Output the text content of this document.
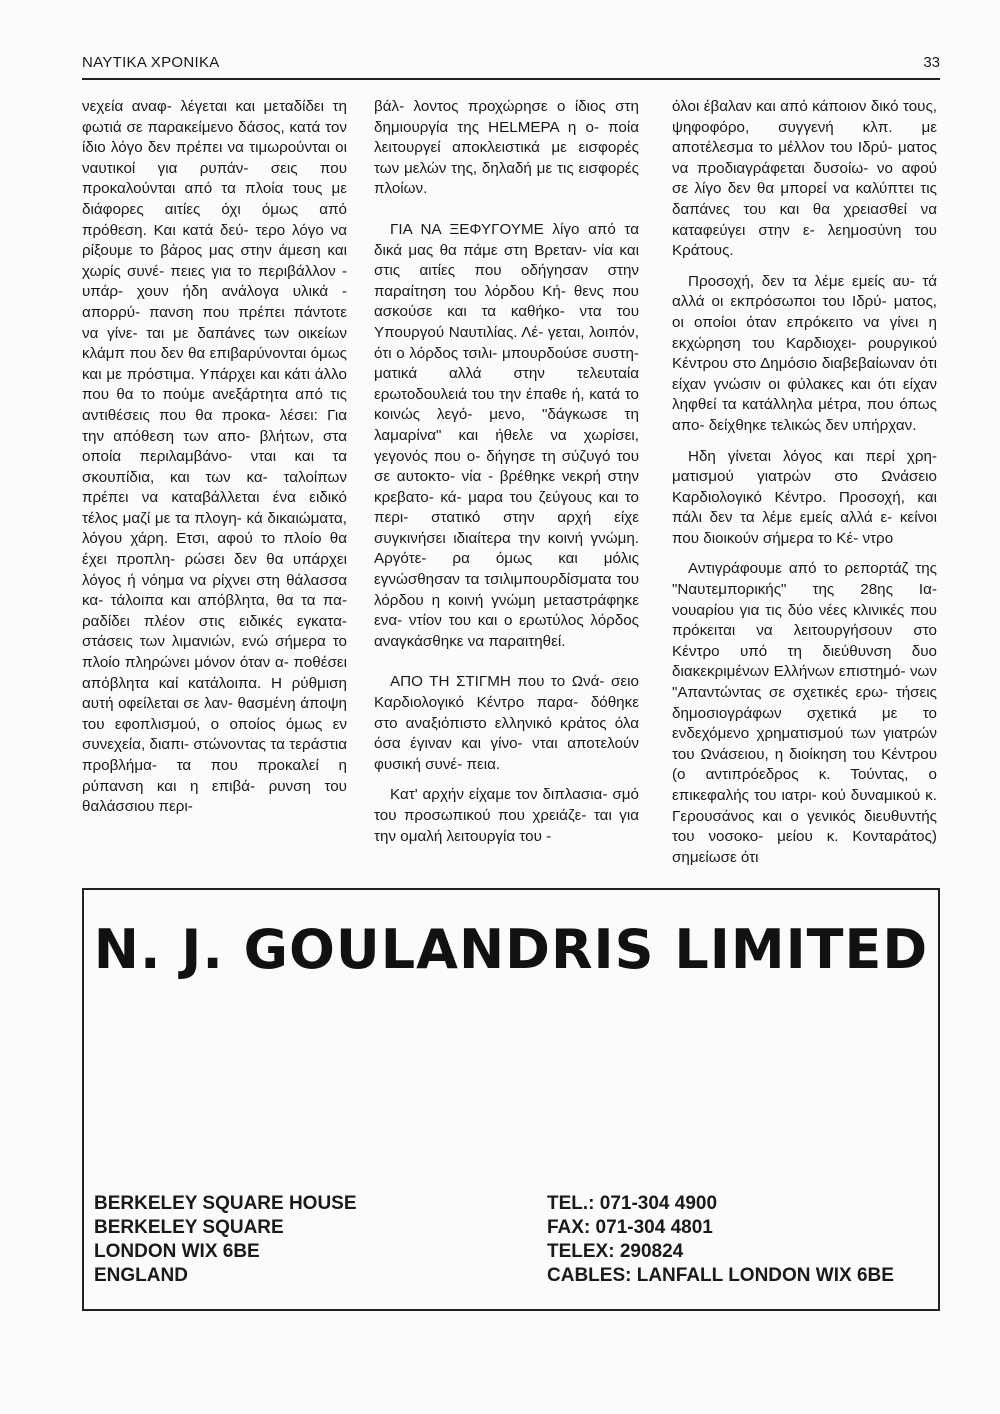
ΝΑΥΤΙΚΑ ΧΡΟΝΙΚΑ	33

νεχεία αναφ- λέγεται και μεταδίδει τη φωτιά σε παρακείμενο δάσος, κατά τον ίδιο λόγο δεν πρέπει να τιμωρούνται οι ναυτικοί για ρυπάν- σεις που προκαλούνται από τα πλοία τους με διάφορες αιτίες όχι όμως από πρόθεση. Και κατά δεύ- τερο λόγο να ρίξουμε το βάρος μας στην άμεση και χωρίς συνέ- πειες για το περιβάλλον - υπάρ- χουν ήδη ανάλογα υλικά - απορρύ- πανση που πρέπει πάντοτε να γίνε- ται με δαπάνες των οικείων κλάμπ που δεν θα επιβαρύνονται όμως και με πρόστιμα. Υπάρχει και κάτι άλλο που θα το πούμε ανεξάρτητα από τις αντιθέσεις που θα προκα- λέσει: Για την απόθεση των απο- βλήτων, στα οποία περιλαμβάνο- νται και τα σκουπίδια, και των κα- ταλοίπων πρέπει να καταβάλλεται ένα ειδικό τέλος μαζί με τα πλογη- κά δικαιώματα, λόγου χάρη. Ετσι, αφού το πλοίο θα έχει προπλη- ρώσει δεν θα υπάρχει λόγος ή νόημα να ρίχνει στη θάλασσα κα- τάλοιπα και απόβλητα, θα τα πα- ραδίδει πλέον στις ειδικές εγκατα- στάσεις των λιμανιών, ενώ σήμερα το πλοίο πληρώνει μόνον όταν α- ποθέσει απόβλητα καί κατάλοιπα. Η ρύθμιση αυτή οφείλεται σε λαν- θασμένη άποψη του εφοπλισμού, ο οποίος όμως εν συνεχεία, διαπι- στώνοντας τα τεράστια προβλήμα- τα που προκαλεί η ρύπανση και η επιβά- ρυνση του θαλάσσιου περι-

βάλ- λοντος προχώρησε ο ίδιος στη δημιουργία της HELMEPA η ο- ποία λειτουργεί αποκλειστικά με εισφορές των μελών της, δηλαδή με τις εισφορές πλοίων.

ΓΙΑ ΝΑ ΞΕΦΥΓΟΥΜΕ λίγο από τα δικά μας θα πάμε στη Βρεταν- νία και στις αιτίες που οδήγησαν στην παραίτηση του λόρδου Κή- θενς που ασκούσε και τα καθήκο- ντα του Υπουργού Ναυτιλίας. Λέ- γεται, λοιπόν, ότι ο λόρδος τσιλι- μπουρδούσε συστη- ματικά αλλά στην τελευταία ερωτοδουλειά του την έπαθε ή, κατά το κοινώς λεγό- μενο, "δάγκωσε τη λαμαρίνα" και ήθελε να χωρίσει, γεγονός που ο- δήγησε τη σύζυγό του σε αυτοκτο- νία - βρέθηκε νεκρή στην κρεβατο- κά- μαρα του ζεύγους και το περι- στατικό στην αρχή είχε συγκινήσει ιδιαίτερα την κοινή γνώμη. Αργότε- ρα όμως και μόλις εγνώσθησαν τα τσιλιμπουρδίσματα του λόρδου η κοινή γνώμη μεταστράφηκε ενα- ντίον του και ο ερωτύλος λόρδος αναγκάσθηκε να παραιτηθεί.

ΑΠΟ ΤΗ ΣΤΙΓΜΗ που το Ωνά- σειο Καρδιολογικό Κέντρο παρα- δόθηκε στο αναξιόπιστο ελληνικό κράτος όλα όσα έγιναν και γίνο- νται αποτελούν φυσική συνέ- πεια.

Κατ' αρχήν είχαμε τον διπλασια- σμό του προσωπικού που χρειάζε- ται για την ομαλή λειτουργία του -

όλοι έβαλαν και από κάποιον δικό τους, ψηφοφόρο, συγγενή κλπ. με αποτέλεσμα το μέλλον του Ιδρύ- ματος να προδιαγράφεται δυσοίω- νο αφού σε λίγο δεν θα μπορεί να καλύπτει τις δαπάνες του και θα χρειασθεί να καταφεύγει στην ε- λεημοσύνη του Κράτους.

Προσοχή, δεν τα λέμε εμείς αυ- τά αλλά οι εκπρόσωποι του Ιδρύ- ματος, οι οποίοι όταν επρόκειτο να γίνει η εκχώρηση του Καρδιοχει- ρουργικού Κέντρου στο Δημόσιο διαβεβαίωναν ότι είχαν γνώσιν οι φύλακες και ότι είχαν ληφθεί τα κατάλληλα μέτρα, που όπως απο- δείχθηκε τελικώς δεν υπήρχαν.

Ηδη γίνεται λόγος και περί χρη- ματισμού γιατρών στο Ωνάσειο Καρδιολογικό Κέντρο. Προσοχή, και πάλι δεν τα λέμε εμείς αλλά ε- κείνοι που διοικούν σήμερα το Κέ- ντρο

Αντιγράφουμε από το ρεπορτάζ της "Ναυτεμπορικής" της 28ης Ια- νουαρίου για τις δύο νέες κλινικές που πρόκειται να λειτουργήσουν στο Κέντρο υπό τη διεύθυνση δυο διακεκριμένων Ελλήνων επιστημό- νων "Απαντώντας σε σχετικές ερω- τήσεις δημοσιογράφων σχετικά με το ενδεχόμενο χρηματισμού των γιατρών του Ωνάσειου, η διοίκηση του Κέντρου (ο αντιπρόεδρος κ. Τούντας, ο επικεφαλής του ιατρι- κού δυναμικού κ. Γερουσάνος και ο γενικός διευθυντής του νοσοκο- μείου κ. Κονταράτος) σημείωσε ότι

N. J. GOULANDRIS LIMITED
BERKELEY SQUARE HOUSE
BERKELEY SQUARE
LONDON WIX 6BE
ENGLAND
TEL.: 071-304 4900
FAX: 071-304 4801
TELEX: 290824
CABLES: LANFALL LONDON WIX 6BE
